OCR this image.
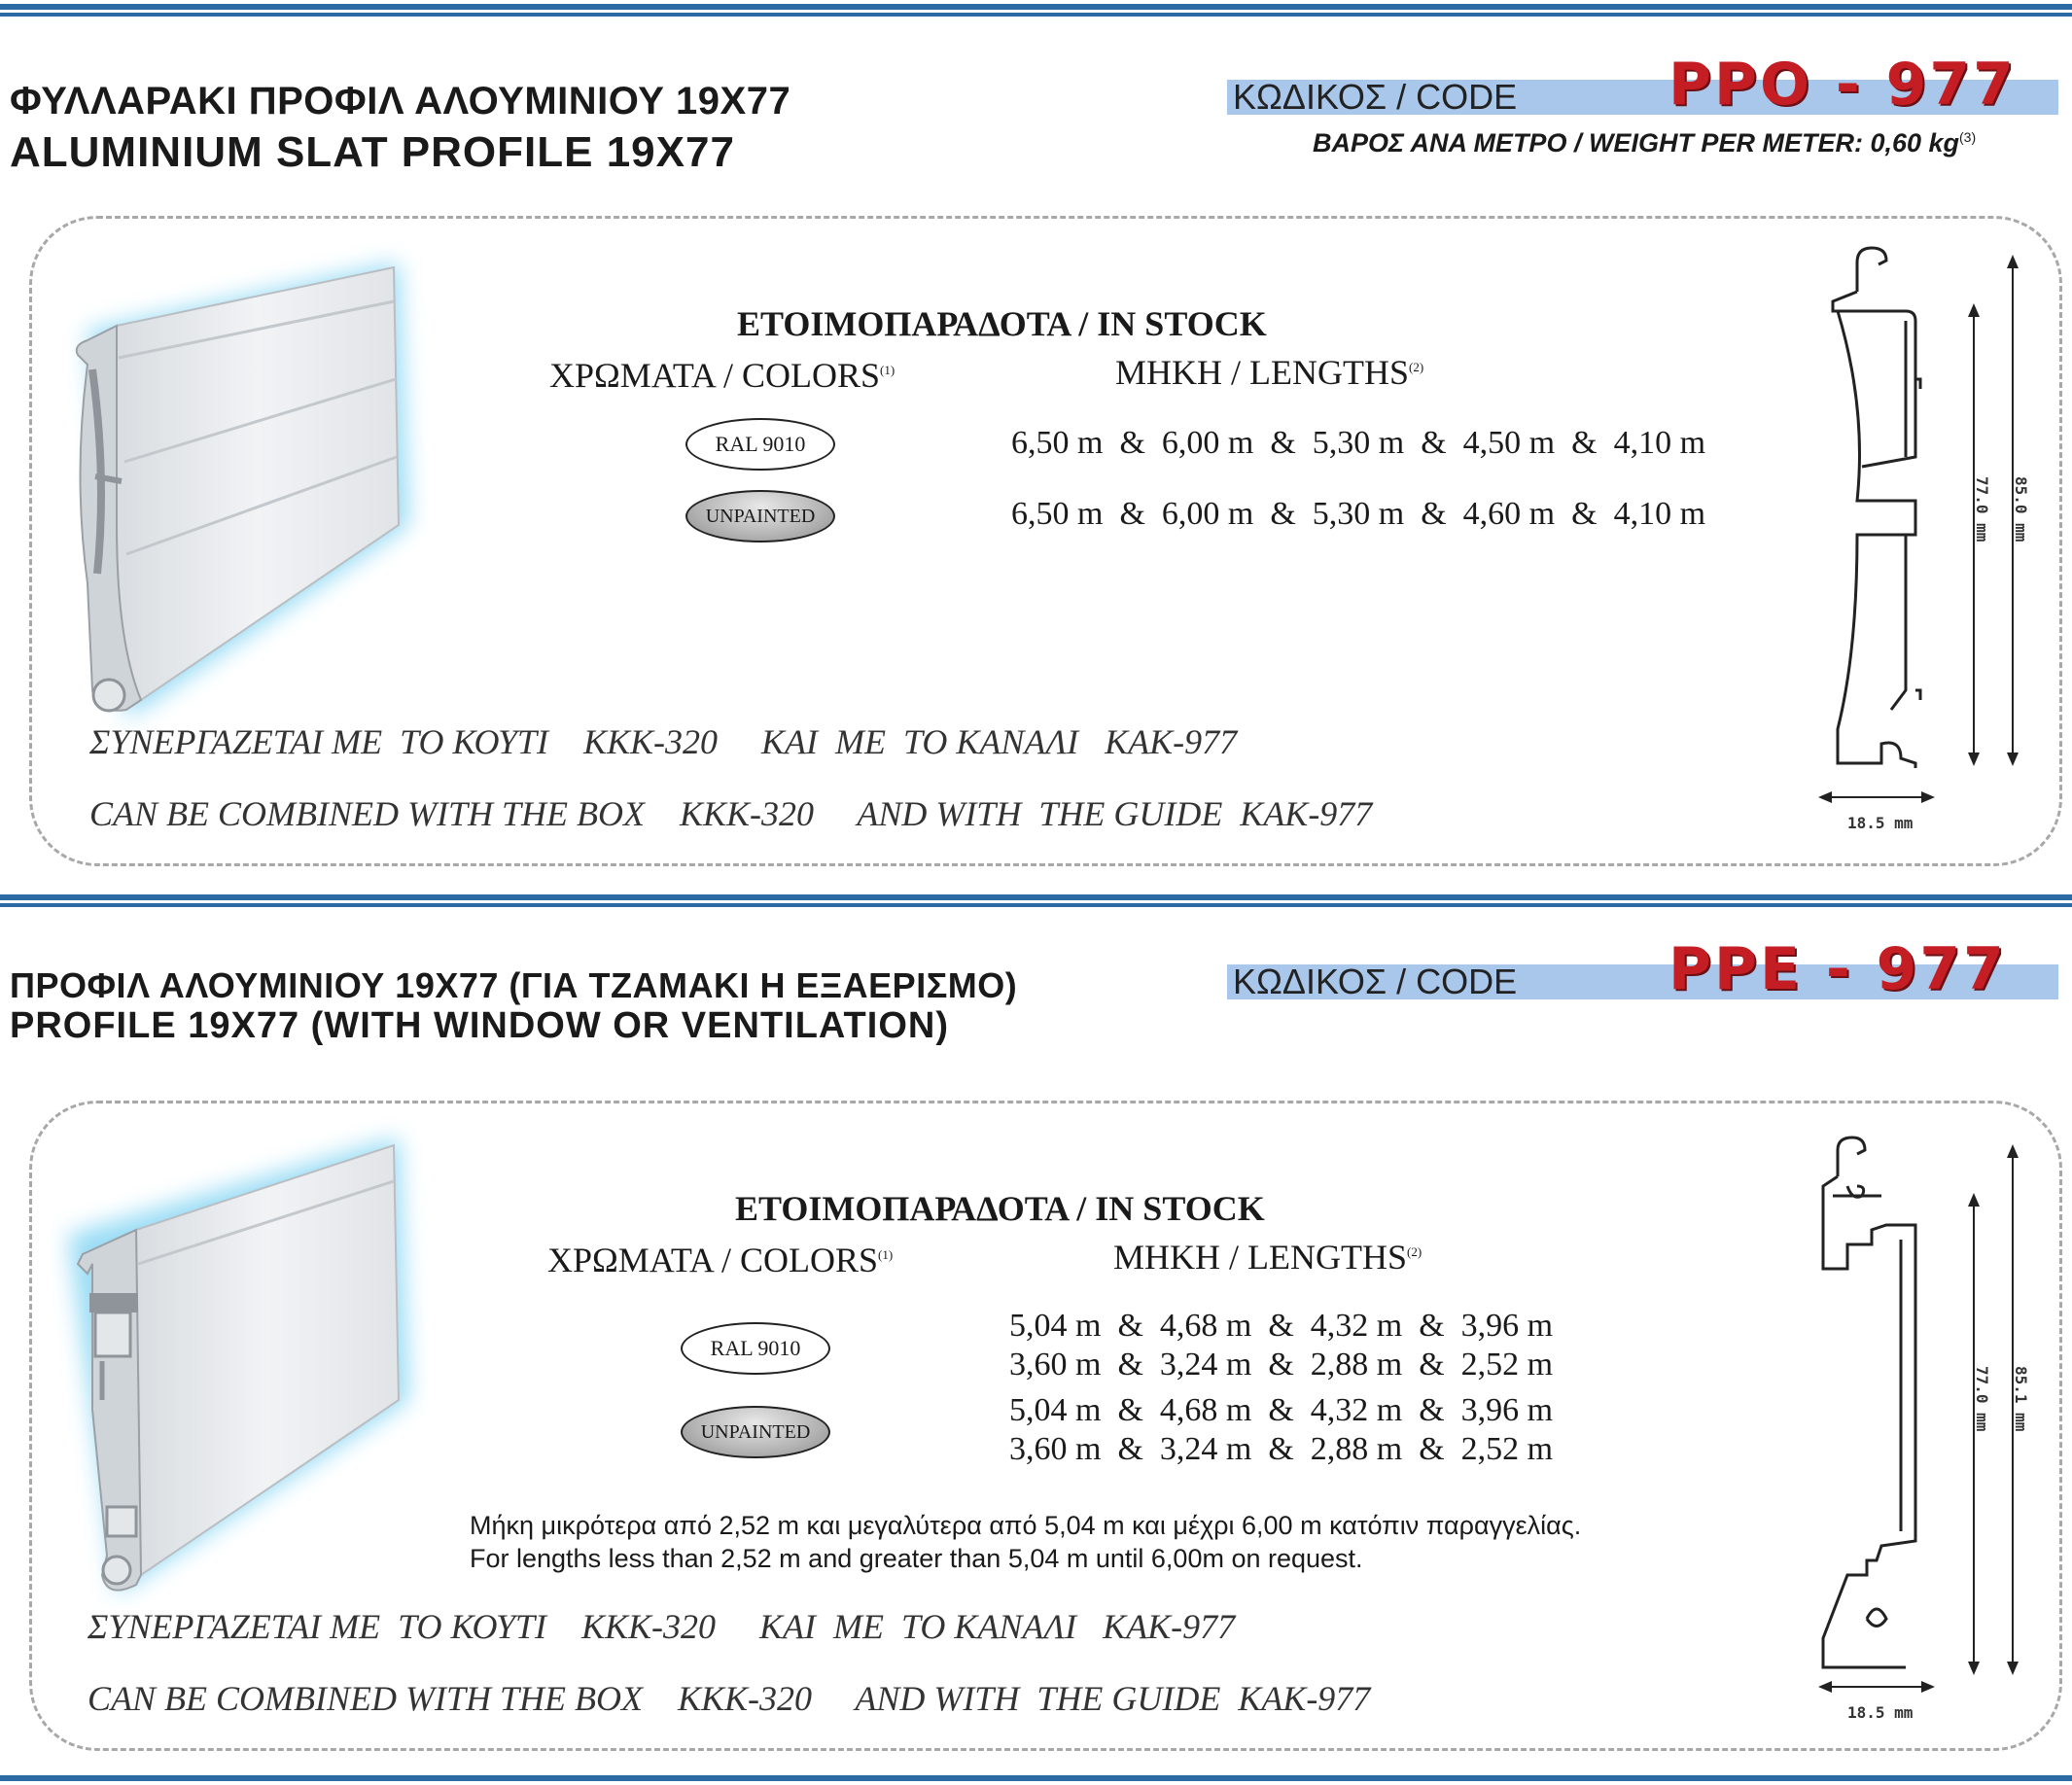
ΦΥΛΛΑΡΑΚΙ ΠΡΟΦΙΛ ΑΛΟΥΜΙΝΙΟΥ 19Χ77
ALUMINIUM SLAT PROFILE 19X77
ΚΩΔΙΚΟΣ / CODE	PPO - 977
ΒΑΡΟΣ ΑΝΑ ΜΕΤΡΟ / WEIGHT PER METER: 0,60 $kg^{(3)}$
ΕΤΟΙΜΟΠΑΡΑΔΟΤΑ / IN STOCK
ΧΡΩΜΑΤΑ / COLORS$^{(1)}$	ΜΗΚΗ / LENGTHS$^{(2)}$
RAL 9010	6,50 m  &  6,00 m  &  5,30 m  &  4,50 m  &  4,10 m
UNPAINTED	6,50 m  &  6,00 m  &  5,30 m  &  4,60 m  &  4,10 m
ΣΥΝΕΡΓΑΖΕΤΑΙ ΜΕ  ΤΟ ΚΟΥΤΙ    ΚΚΚ-320     ΚΑΙ  ΜΕ  ΤΟ ΚΑΝΑΛΙ   ΚΑΚ-977
CAN BE COMBINED WITH THE BOX    KKK-320     AND WITH  THE GUIDE  KAK-977
85.0 mm
77.0 mm
18.5 mm
ΠΡΟΦΙΛ ΑΛΟΥΜΙΝΙΟΥ 19Χ77 (ΓΙΑ ΤΖΑΜΑΚΙ Η ΕΞΑΕΡΙΣΜΟ)
PROFILE 19X77 (WITH WINDOW OR VENTILATION)
ΚΩΔΙΚΟΣ / CODE	PPE - 977
ΕΤΟΙΜΟΠΑΡΑΔΟΤΑ / IN STOCK
ΧΡΩΜΑΤΑ / COLORS$^{(1)}$	ΜΗΚΗ / LENGTHS$^{(2)}$
RAL 9010
5,04 m  &  4,68 m  &  4,32 m  &  3,96 m
3,60 m  &  3,24 m  &  2,88 m  &  2,52 m
UNPAINTED
5,04 m  &  4,68 m  &  4,32 m  &  3,96 m
3,60 m  &  3,24 m  &  2,88 m  &  2,52 m
Μήκη μικρότερα από 2,52 m και μεγαλύτερα από 5,04 m και μέχρι 6,00 m κατόπιν παραγγελίας.
For lengths less than 2,52 m and greater than 5,04 m until 6,00m on request.
ΣΥΝΕΡΓΑΖΕΤΑΙ ΜΕ  ΤΟ ΚΟΥΤΙ    ΚΚΚ-320     ΚΑΙ  ΜΕ  ΤΟ ΚΑΝΑΛΙ   ΚΑΚ-977
CAN BE COMBINED WITH THE BOX    KKK-320     AND WITH  THE GUIDE  KAK-977
85.1 mm
77.0 mm
18.5 mm
